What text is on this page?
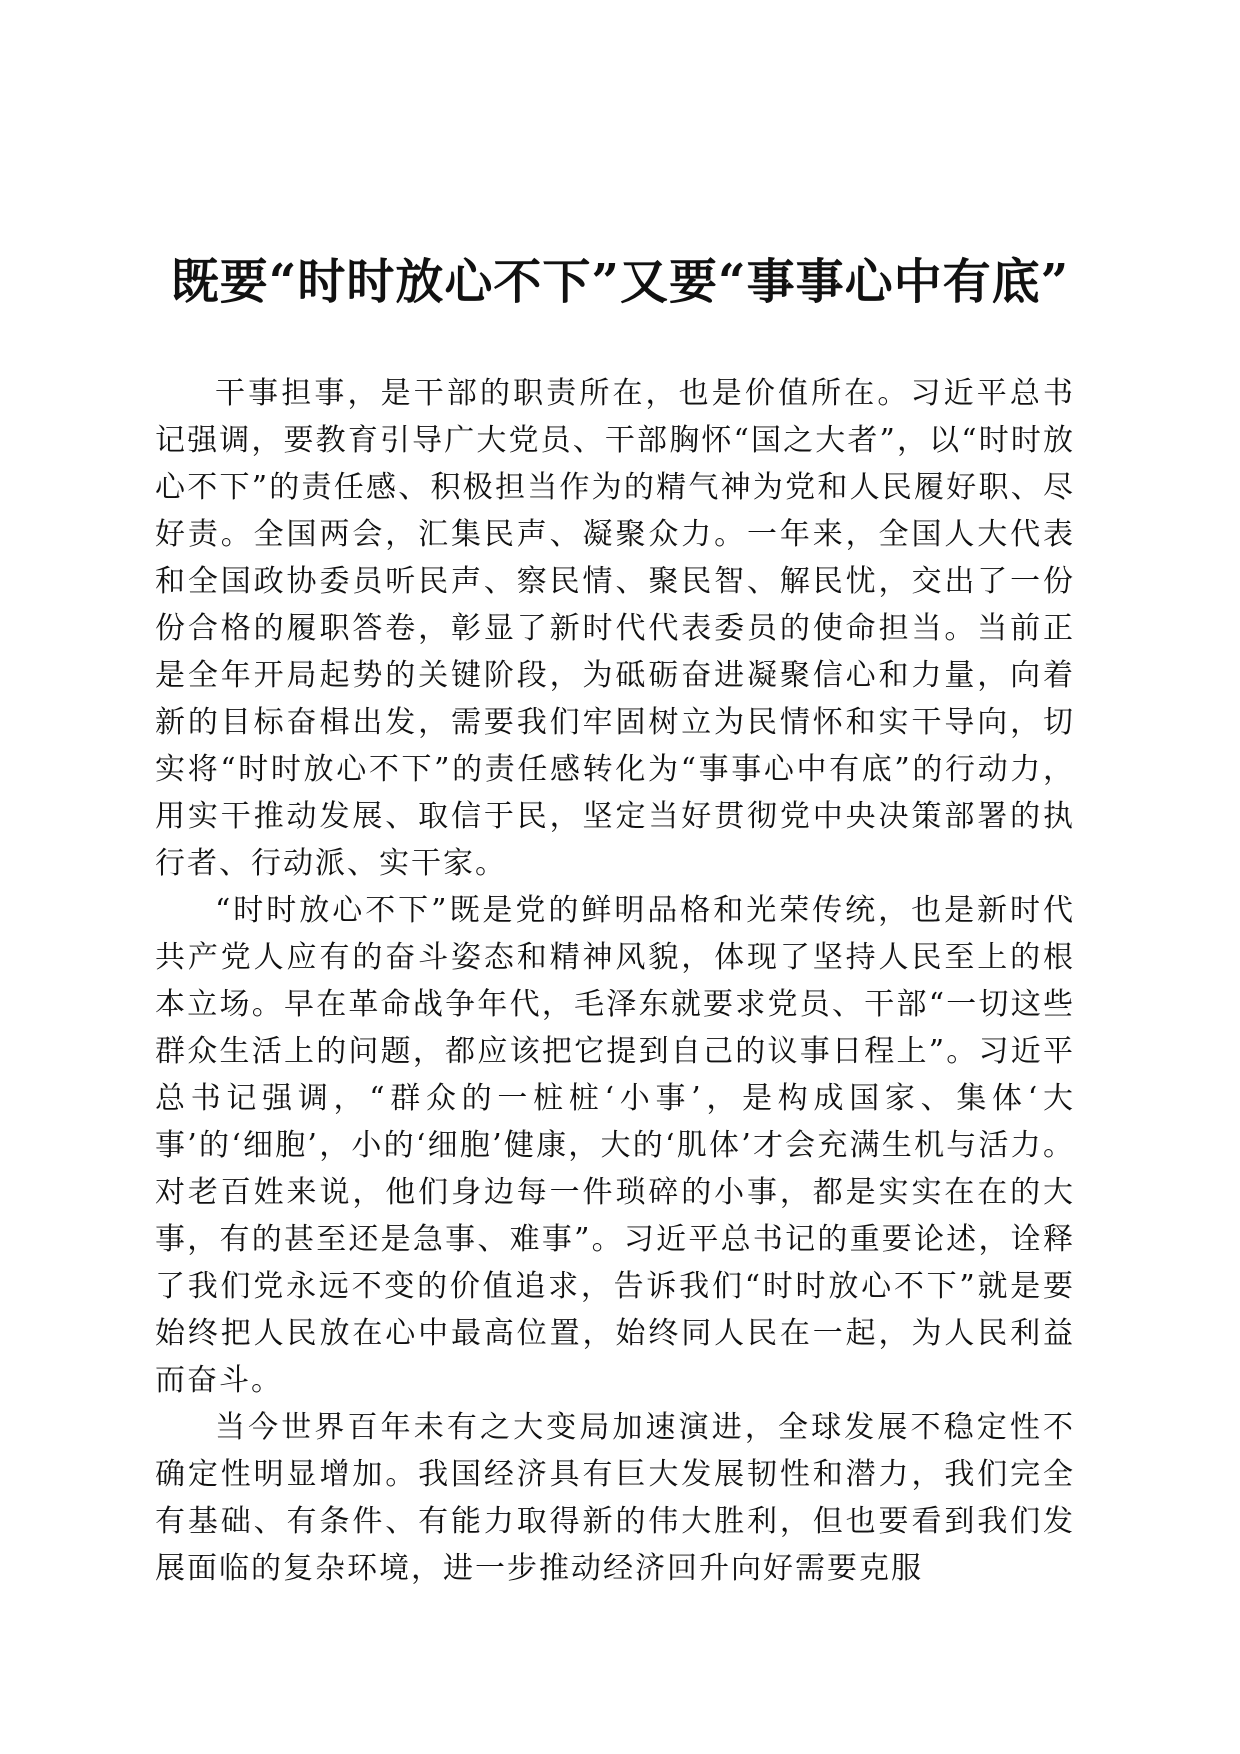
既要“时时放心不下”又要“事事心中有底”

干事担事，是干部的职责所在，也是价值所在。习近平总书记强调，要教育引导广大党员、干部胸怀“国之大者”，以“时时放心不下”的责任感、积极担当作为的精气神为党和人民履好职、尽好责。全国两会，汇集民声、凝聚众力。一年来，全国人大代表和全国政协委员听民声、察民情、聚民智、解民忧，交出了一份份合格的履职答卷，彰显了新时代代表委员的使命担当。当前正是全年开局起势的关键阶段，为砥砺奋进凝聚信心和力量，向着新的目标奋楫出发，需要我们牢固树立为民情怀和实干导向，切实将“时时放心不下”的责任感转化为“事事心中有底”的行动力，用实干推动发展、取信于民，坚定当好贯彻党中央决策部署的执行者、行动派、实干家。

“时时放心不下”既是党的鲜明品格和光荣传统，也是新时代共产党人应有的奋斗姿态和精神风貌，体现了坚持人民至上的根本立场。早在革命战争年代，毛泽东就要求党员、干部“一切这些群众生活上的问题，都应该把它提到自己的议事日程上”。习近平总书记强调，“群众的一桩桩‘小事’，是构成国家、集体‘大事’的‘细胞’，小的‘细胞’健康，大的‘肌体’才会充满生机与活力。对老百姓来说，他们身边每一件琐碎的小事，都是实实在在的大事，有的甚至还是急事、难事”。习近平总书记的重要论述，诠释了我们党永远不变的价值追求，告诉我们“时时放心不下”就是要始终把人民放在心中最高位置，始终同人民在一起，为人民利益而奋斗。

当今世界百年未有之大变局加速演进，全球发展不稳定性不确定性明显增加。我国经济具有巨大发展韧性和潜力，我们完全有基础、有条件、有能力取得新的伟大胜利，但也要看到我们发展面临的复杂环境，进一步推动经济回升向好需要克服
